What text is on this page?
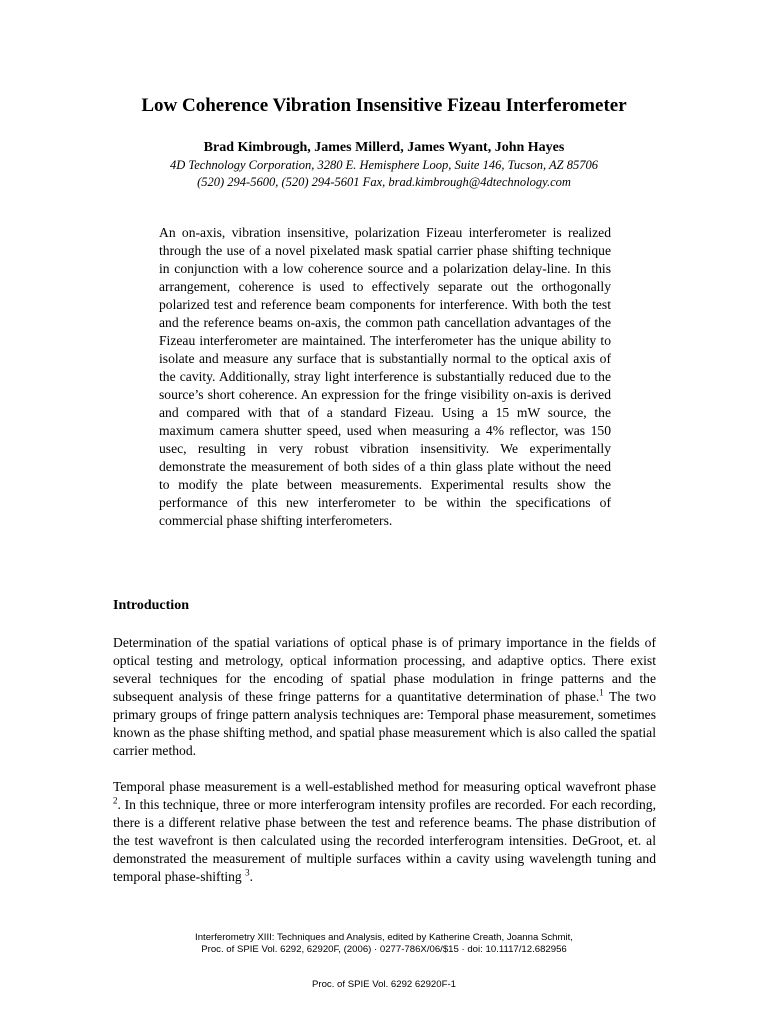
Low Coherence Vibration Insensitive Fizeau Interferometer
Brad Kimbrough, James Millerd, James Wyant, John Hayes
4D Technology Corporation, 3280 E. Hemisphere Loop, Suite 146, Tucson, AZ 85706
(520) 294-5600, (520) 294-5601 Fax, brad.kimbrough@4dtechnology.com
An on-axis, vibration insensitive, polarization Fizeau interferometer is realized through the use of a novel pixelated mask spatial carrier phase shifting technique in conjunction with a low coherence source and a polarization delay-line. In this arrangement, coherence is used to effectively separate out the orthogonally polarized test and reference beam components for interference. With both the test and the reference beams on-axis, the common path cancellation advantages of the Fizeau interferometer are maintained. The interferometer has the unique ability to isolate and measure any surface that is substantially normal to the optical axis of the cavity. Additionally, stray light interference is substantially reduced due to the source’s short coherence. An expression for the fringe visibility on-axis is derived and compared with that of a standard Fizeau. Using a 15 mW source, the maximum camera shutter speed, used when measuring a 4% reflector, was 150 usec, resulting in very robust vibration insensitivity. We experimentally demonstrate the measurement of both sides of a thin glass plate without the need to modify the plate between measurements. Experimental results show the performance of this new interferometer to be within the specifications of commercial phase shifting interferometers.
Introduction
Determination of the spatial variations of optical phase is of primary importance in the fields of optical testing and metrology, optical information processing, and adaptive optics. There exist several techniques for the encoding of spatial phase modulation in fringe patterns and the subsequent analysis of these fringe patterns for a quantitative determination of phase.$^1$ The two primary groups of fringe pattern analysis techniques are: Temporal phase measurement, sometimes known as the phase shifting method, and spatial phase measurement which is also called the spatial carrier method.
Temporal phase measurement is a well-established method for measuring optical wavefront phase $^2$. In this technique, three or more interferogram intensity profiles are recorded. For each recording, there is a different relative phase between the test and reference beams. The phase distribution of the test wavefront is then calculated using the recorded interferogram intensities. DeGroot, et. al demonstrated the measurement of multiple surfaces within a cavity using wavelength tuning and temporal phase-shifting $^3$.
Interferometry XIII: Techniques and Analysis, edited by Katherine Creath, Joanna Schmit,
Proc. of SPIE Vol. 6292, 62920F, (2006) · 0277-786X/06/$15 · doi: 10.1117/12.682956
Proc. of SPIE Vol. 6292 62920F-1
